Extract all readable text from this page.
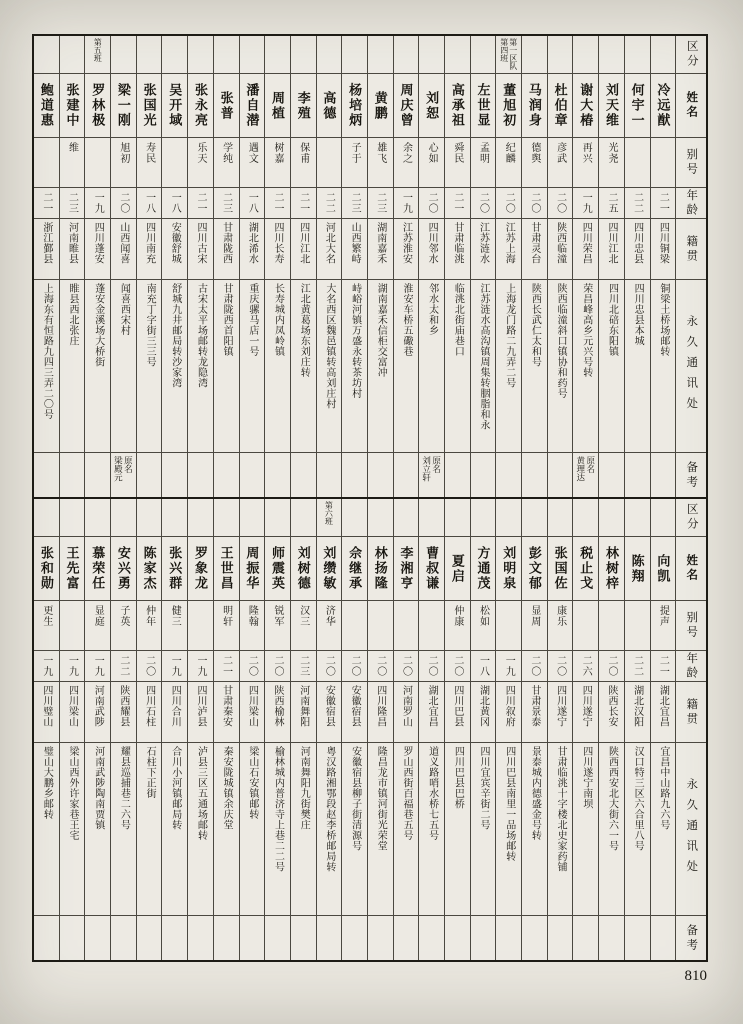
鲍道惠
二一
浙江鄞县
上海东有恒路九四三弄二〇号
张建中
维
二三
河南睢县
睢县西北张庄
第五班
罗林极
一九
四川蓬安
蓬安金溪场大桥街
梁一刚
旭初
二〇
山西闻喜
闻喜西宋村
原名
梁殿元
张国光
寿民
一八
四川南充
南充丁字街三三号
吴开域
一八
安徽舒城
舒城九井邮局转沙家湾
张永亮
乐天
二一
四川古宋
古宋太平场邮转龙隐湾
张普
学纯
二三
甘肃陇西
甘肃陇西首阳镇
潘自潜
遇文
一八
湖北浠水
重庆骡马店一号
周植
树嘉
二一
四川长寿
长寿城内凤岭镇
李殖
保甫
二一
四川江北
江北黄葛场东刘庄转
高德
二二
河北大名
大名西区魏邑镇转高刘庄村
杨培炳
子于
二三
山西繁峙
峙峪河镇万盛永转茶坊村
黄鹏
雄飞
二三
湖南嘉禾
湖南嘉禾信柜交富冲
周庆曾
余之
一九
江苏淮安
淮安车桥五礮巷
刘恕
心如
二〇
四川邻水
邻水太和乡
原名
刘立轩
高承祖
舜民
二一
甘肃临洮
临洮北街庙巷口
左世显
孟明
二〇
江苏涟水
江苏涟水高沟镇周集转胭脂和永
第一区队
第四班
董旭初
纪麟
二〇
江苏上海
上海龙门路二九弄二号
马润身
德舆
二〇
甘肃灵台
陕西长武仁太和号
杜伯章
彦武
二〇
陕西临潼
陕西临潼斜口镇协和药号
谢大椿
再兴
一九
四川荣昌
荣昌峰高乡元兴号转
原名
黄理达
刘天维
光尧
二五
四川江北
四川北碚东阳镇
何宇一
二二
四川忠县
四川忠县本城
冷远猷
二一
四川铜梁
铜梁土桥场邮转
区分
姓名
别号
年龄
籍贯
永久通讯处
备考
张和勋
更生
一九
四川璧山
璧山大鹏乡邮转
王先富
一九
四川梁山
梁山西外许家巷王宅
慕荣任
显庭
一九
河南武陟
河南武陟陶南贾镇
安兴勇
子英
二二
陕西耀县
耀县巡捕巷二六号
陈家杰
仲年
二〇
四川石柱
石柱下正街
张兴群
健三
一九
四川合川
合川小河镇邮局转
罗象龙
一九
四川泸县
泸县三区五通场邮转
王世昌
明轩
二一
甘肃秦安
秦安陇城镇余庆堂
周振华
隆翰
二〇
四川梁山
梁山石安镇邮转
师震英
锐军
二〇
陕西榆林
榆林城内普济寺上巷二二号
刘树德
汉三
二三
河南舞阳
河南舞阳九街樊庄
第六班
刘缵敏
济华
二〇
安徽宿县
粤汉路湘鄂段赵李桥邮局转
佘继承
二〇
安徽宿县
安徽宿县柳子街清源号
林扬隆
二〇
四川隆昌
隆昌龙市镇河街光荣堂
李湘亨
二〇
河南罗山
罗山西街百福巷五号
曹叔谦
二〇
湖北宜昌
道义路哨水桥七五号
夏启
仲康
二〇
四川巴县
四川巴县巴桥
方通茂
松如
一八
湖北黄冈
四川宜宾辛街二号
刘明泉
一九
四川叙府
四川巴县南里一品场邮转
彭文郁
显周
二〇
甘肃景泰
景泰城内德盛金号转
张国佐
康乐
二〇
四川遂宁
甘肃临洮十字楼北史家药铺
税止戈
二六
四川遂宁
四川遂宁南坝
林树梓
二〇
陕西长安
陕西西安北大街六一号
陈翔
二二
湖北汉阳
汉口特三区六合里八号
向凯
提声
二一
湖北宜昌
宜昌中山路九六号
区分
姓名
别号
年龄
籍贯
永久通讯处
备考
810
